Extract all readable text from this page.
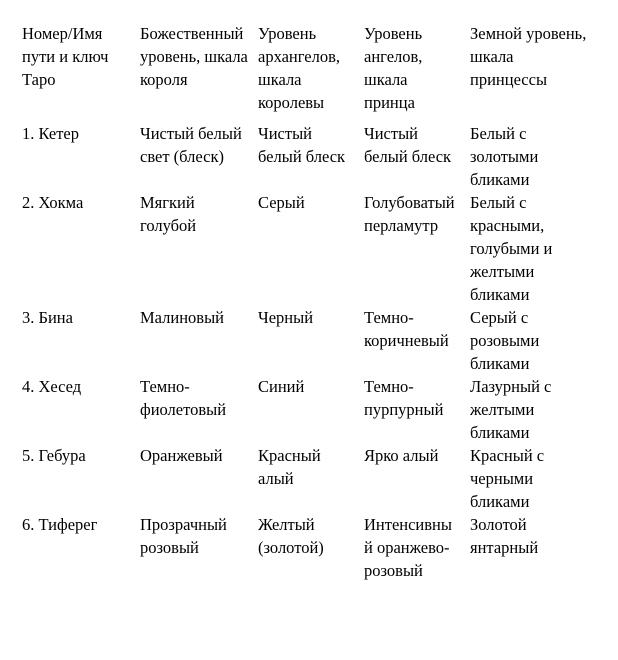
Номер/Имя пути и ключ Таро	Божественный уровень, шкала короля	Уровень архангелов, шкала королевы	Уровень ангелов, шкала принца	Земной уровень, шкала принцессы
1. Кетер	Чистый белый свет (блеск)	Чистый белый блеск	Чистый белый блеск	Белый с золотыми бликами
2. Хокма	Мягкий голубой	Серый	Голубоватый перламутр	Белый с красными, голубыми и желтыми бликами
3. Бина	Малиновый	Черный	Темно-коричневый	Серый с розовыми бликами
4. Хесед	Темно-фиолетовый	Синий	Темно-пурпурный	Лазурный с желтыми бликами
5. Гебура	Оранжевый	Красный алый	Ярко алый	Красный с черными бликами
6. Тиферег	Прозрачный розовый	Желтый (золотой)	Интенсивный оранжево-розовый	Золотой янтарный
